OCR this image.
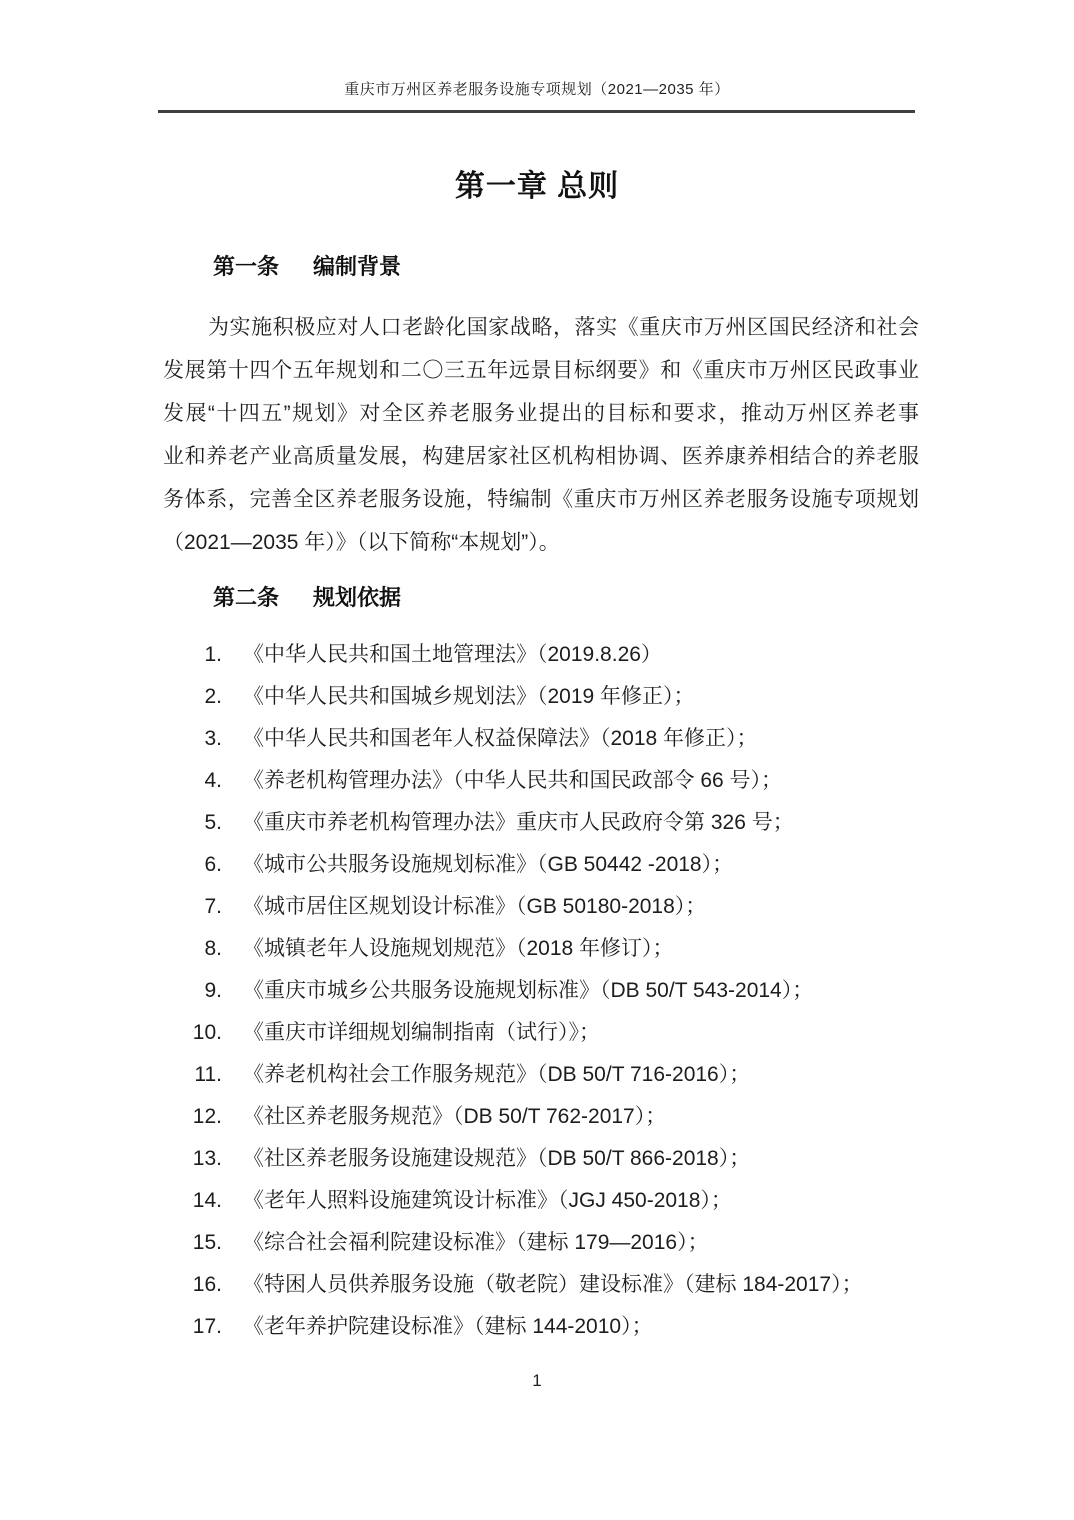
重庆市万州区养老服务设施专项规划（2021—2035 年）
第一章 总则
第一条 编制背景
为实施积极应对人口老龄化国家战略，落实《重庆市万州区国民经济和社会
发展第十四个五年规划和二〇三五年远景目标纲要》和《重庆市万州区民政事业
发展“十四五”规划》对全区养老服务业提出的目标和要求，推动万州区养老事
业和养老产业高质量发展，构建居家社区机构相协调、医养康养相结合的养老服
务体系，完善全区养老服务设施，特编制《重庆市万州区养老服务设施专项规划
（2021—2035 年）》（以下简称“本规划”）。
第二条 规划依据
1. 《中华人民共和国土地管理法》（2019.8.26）
2. 《中华人民共和国城乡规划法》（2019 年修正）；
3. 《中华人民共和国老年人权益保障法》（2018 年修正）；
4. 《养老机构管理办法》（中华人民共和国民政部令 66 号）；
5. 《重庆市养老机构管理办法》重庆市人民政府令第 326 号；
6. 《城市公共服务设施规划标准》（GB 50442 -2018）；
7. 《城市居住区规划设计标准》（GB 50180-2018）；
8. 《城镇老年人设施规划规范》（2018 年修订）；
9. 《重庆市城乡公共服务设施规划标准》（DB 50/T 543-2014）；
10. 《重庆市详细规划编制指南（试行）》；
11. 《养老机构社会工作服务规范》（DB 50/T 716-2016）；
12. 《社区养老服务规范》（DB 50/T 762-2017）；
13. 《社区养老服务设施建设规范》（DB 50/T 866-2018）；
14. 《老年人照料设施建筑设计标准》（JGJ 450-2018）；
15. 《综合社会福利院建设标准》（建标 179—2016）；
16. 《特困人员供养服务设施（敬老院）建设标准》（建标 184-2017）；
17. 《老年养护院建设标准》（建标 144-2010）；
1
